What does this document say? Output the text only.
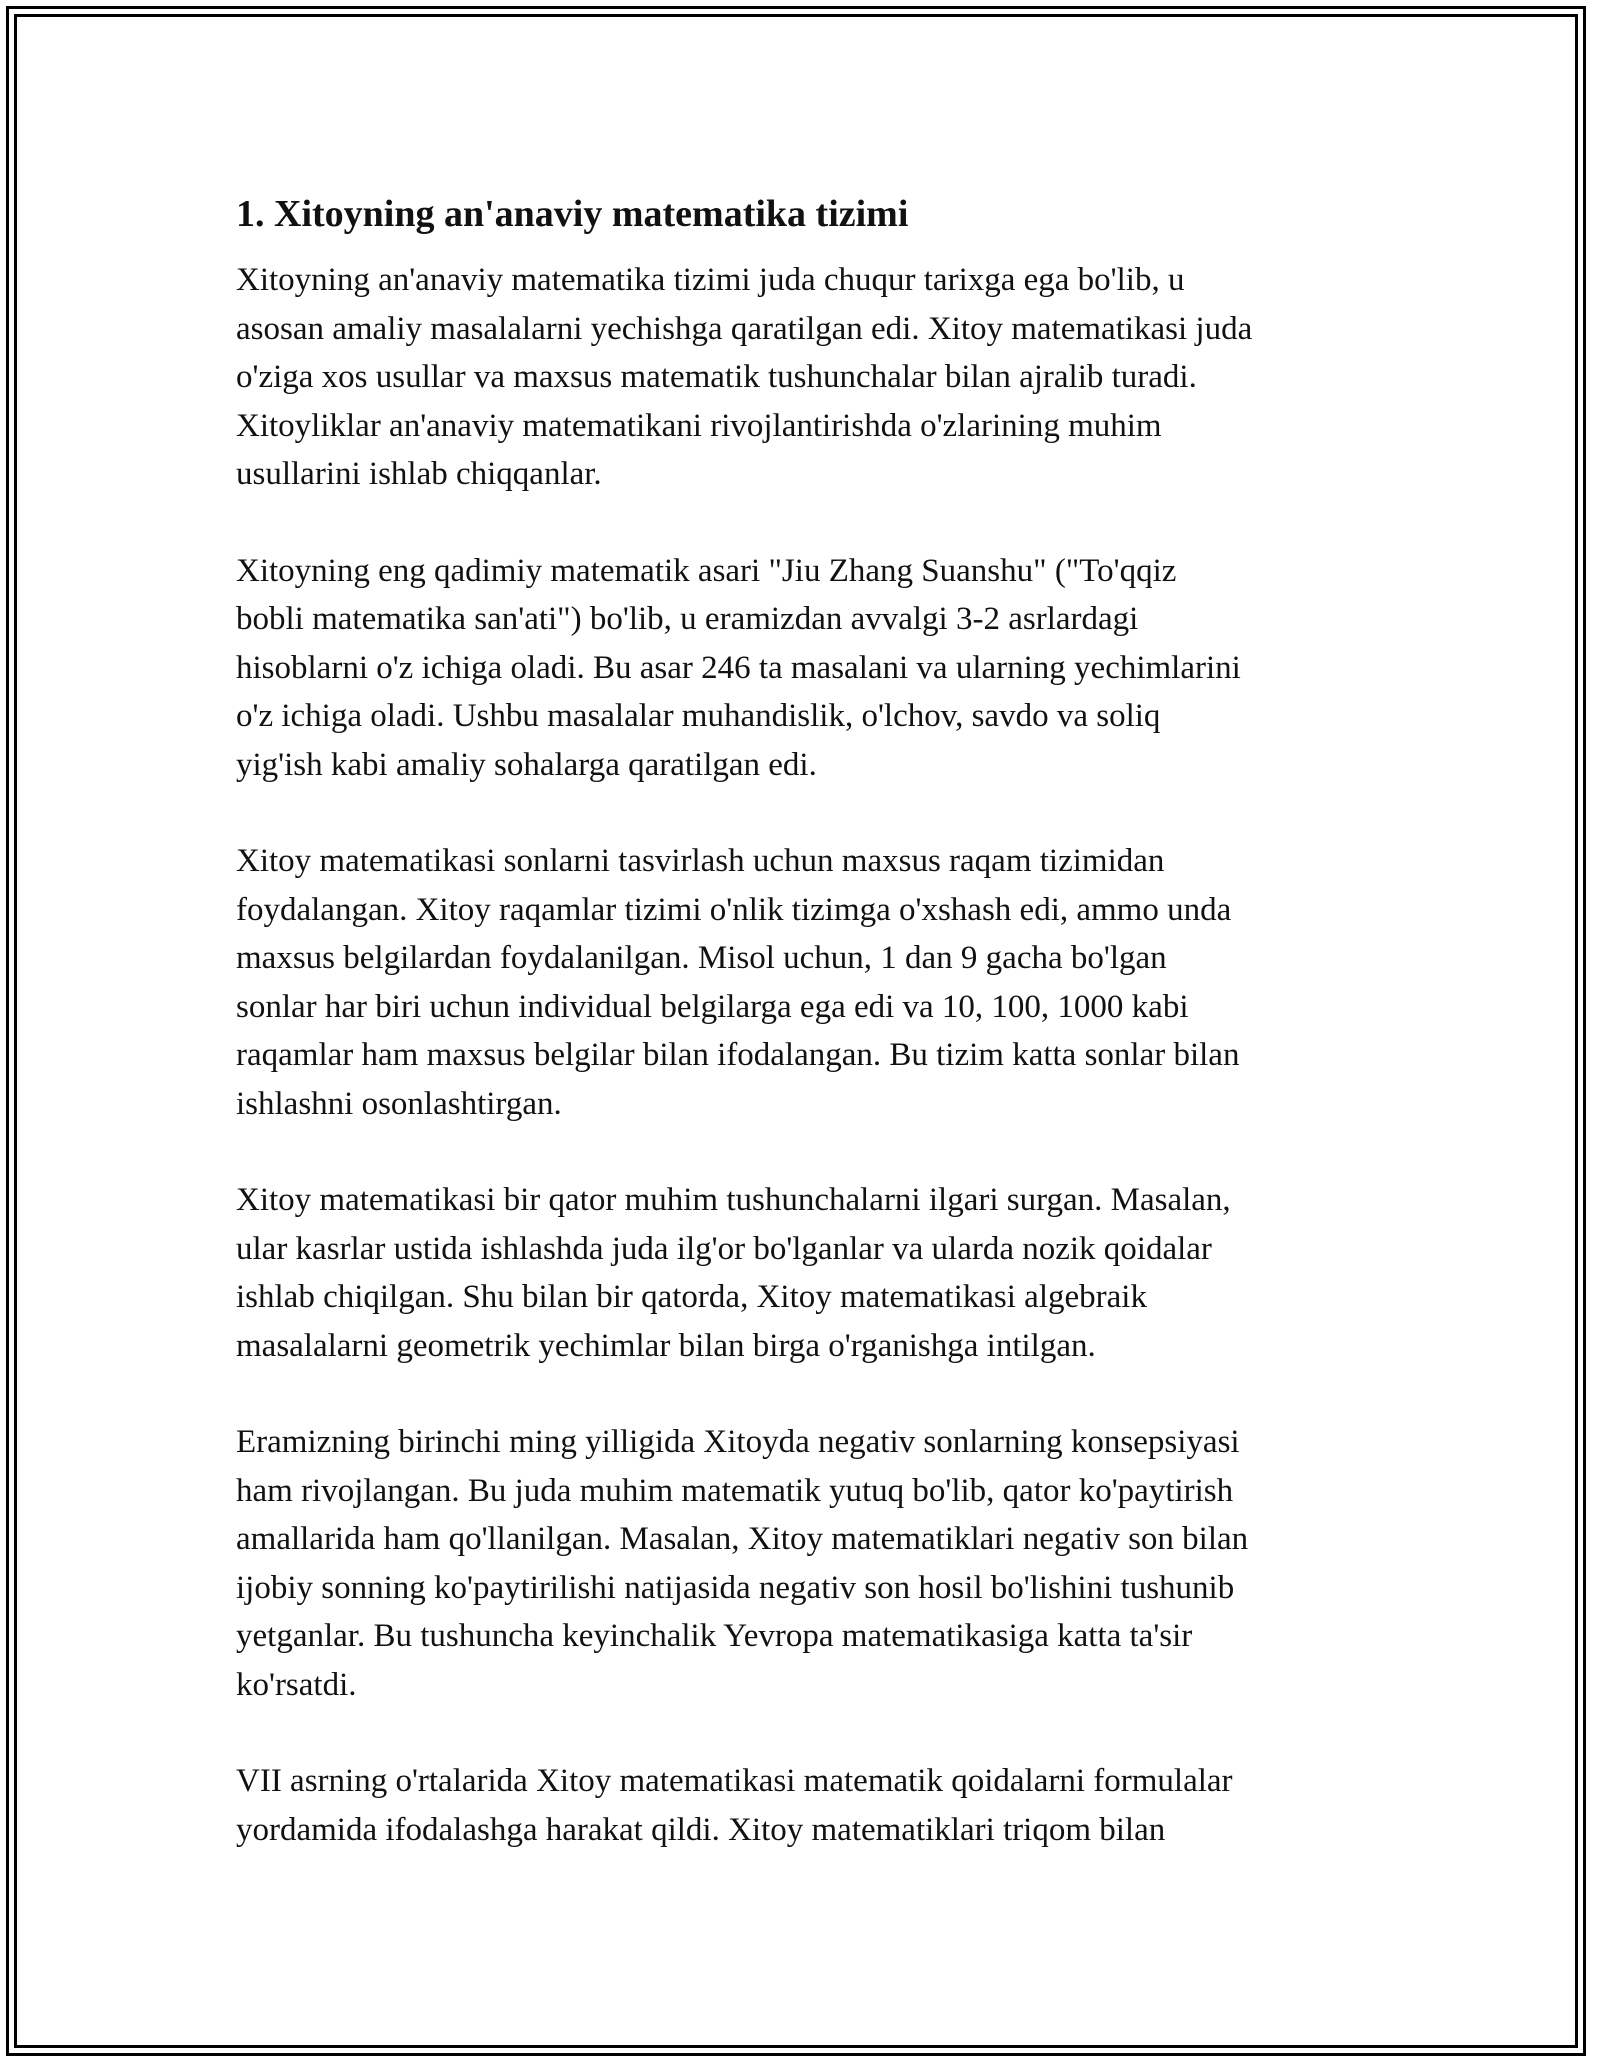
1. Xitoyning an'anaviy matematika tizimi
Xitoyning an'anaviy matematika tizimi juda chuqur tarixga ega bo'lib, u
asosan amaliy masalalarni yechishga qaratilgan edi. Xitoy matematikasi juda
o'ziga xos usullar va maxsus matematik tushunchalar bilan ajralib turadi.
Xitoyliklar an'anaviy matematikani rivojlantirishda o'zlarining muhim
usullarini ishlab chiqqanlar.
Xitoyning eng qadimiy matematik asari "Jiu Zhang Suanshu" ("To'qqiz
bobli matematika san'ati") bo'lib, u eramizdan avvalgi 3-2 asrlardagi
hisoblarni o'z ichiga oladi. Bu asar 246 ta masalani va ularning yechimlarini
o'z ichiga oladi. Ushbu masalalar muhandislik, o'lchov, savdo va soliq
yig'ish kabi amaliy sohalarga qaratilgan edi.
Xitoy matematikasi sonlarni tasvirlash uchun maxsus raqam tizimidan
foydalangan. Xitoy raqamlar tizimi o'nlik tizimga o'xshash edi, ammo unda
maxsus belgilardan foydalanilgan. Misol uchun, 1 dan 9 gacha bo'lgan
sonlar har biri uchun individual belgilarga ega edi va 10, 100, 1000 kabi
raqamlar ham maxsus belgilar bilan ifodalangan. Bu tizim katta sonlar bilan
ishlashni osonlashtirgan.
Xitoy matematikasi bir qator muhim tushunchalarni ilgari surgan. Masalan,
ular kasrlar ustida ishlashda juda ilg'or bo'lganlar va ularda nozik qoidalar
ishlab chiqilgan. Shu bilan bir qatorda, Xitoy matematikasi algebraik
masalalarni geometrik yechimlar bilan birga o'rganishga intilgan.
Eramizning birinchi ming yilligida Xitoyda negativ sonlarning konsepsiyasi
ham rivojlangan. Bu juda muhim matematik yutuq bo'lib, qator ko'paytirish
amallarida ham qo'llanilgan. Masalan, Xitoy matematiklari negativ son bilan
ijobiy sonning ko'paytirilishi natijasida negativ son hosil bo'lishini tushunib
yetganlar. Bu tushuncha keyinchalik Yevropa matematikasiga katta ta'sir
ko'rsatdi.
VII asrning o'rtalarida Xitoy matematikasi matematik qoidalarni formulalar
yordamida ifodalashga harakat qildi. Xitoy matematiklari triqom bilan
